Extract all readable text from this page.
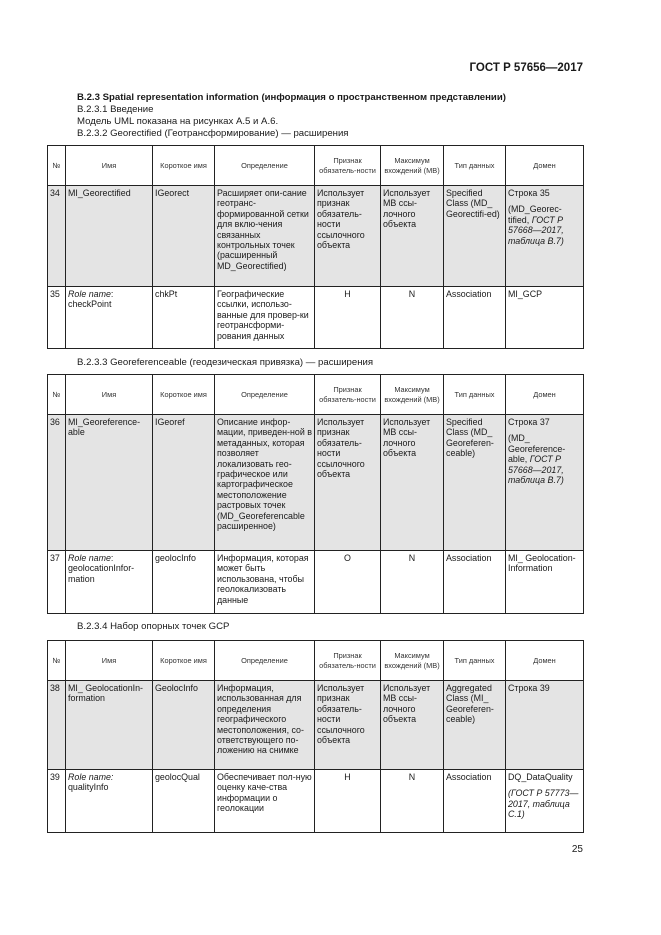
ГОСТ Р 57656—2017
B.2.3 Spatial representation information (информация о пространственном представлении)
B.2.3.1 Введение
Модель UML показана на рисунках A.5 и A.6.
B.2.3.2 Georectified (Геотрансформирование) — расширения
№	Имя	Короткое имя	Определение	Признак обязатель-ности	Максимум вхождений (МВ)	Тип данных	Домен
34	MI_Georectified	IGeorect	Расширяет опи-сание геотранс-формированной сетки для вклю-чения связанных контрольных точек (расширенный MD_Georectified)	Использует признак обязатель-ности ссылочного объекта	Использует МВ ссы-лочного объекта	Specified Class (MD_ Georectifi-ed)	Строка 35
(MD_Georec-tified, ГОСТ Р 57668—2017, таблица B.7)
35	Role name: checkPoint	chkPt	Географические ссылки, использо-ванные для провер-ки геотрансформи-рования данных	Н	N	Association	MI_GCP
B.2.3.3 Georeferenceable (геодезическая привязка) — расширения
№	Имя	Короткое имя	Определение	Признак обязатель-ности	Максимум вхождений (МВ)	Тип данных	Домен
36	MI_Georeference-able	IGeoref	Описание инфор-мации, приведен-ной в метаданных, которая позволяет локализовать гео-графическое или картографическое местоположение растровых точек (MD_Georeferencable расширенное)	Использует признак обязатель-ности ссылочного объекта	Использует МВ ссы-лочного объекта	Specified Class (MD_ Georeferen-ceable)	Строка 37
(MD_ Georeference-able, ГОСТ Р 57668—2017, таблица B.7)
37	Role name: geolocationInfor-mation	geolocInfo	Информация, которая может быть использована, чтобы геолокализовать данные	О	N	Association	MI_ Geolocation-Information
B.2.3.4 Набор опорных точек GCP
№	Имя	Короткое имя	Определение	Признак обязатель-ности	Максимум вхождений (МВ)	Тип данных	Домен
38	MI_ GeolocationIn-formation	GeolocInfo	Информация, использованная для определения географического местоположения, со-ответствующего по-ложению на снимке	Использует признак обязатель-ности ссылочного объекта	Использует МВ ссы-лочного объекта	Aggregated Class (MI_ Georeferen-ceable)	Строка 39
39	Role name: qualityInfo	geolocQual	Обеспечивает пол-ную оценку каче-ства информации о геолокации	Н	N	Association	DQ_DataQuality
(ГОСТ Р 57773—2017, таблица C.1)
25
